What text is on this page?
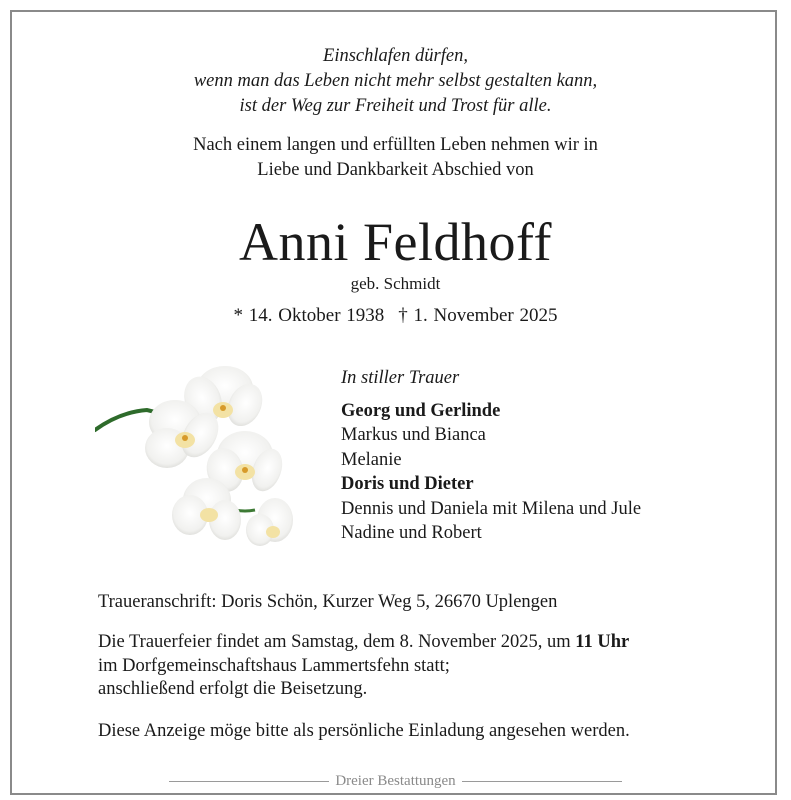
Einschlafen dürfen,
wenn man das Leben nicht mehr selbst gestalten kann,
ist der Weg zur Freiheit und Trost für alle.
Nach einem langen und erfüllten Leben nehmen wir in
Liebe und Dankbarkeit Abschied von
Anni Feldhoff
geb. Schmidt
* 14. Oktober 1938 † 1. November 2025
In stiller Trauer
Georg und Gerlinde
Markus und Bianca
Melanie
Doris und Dieter
Dennis und Daniela mit Milena und Jule
Nadine und Robert
Traueranschrift: Doris Schön, Kurzer Weg 5, 26670 Uplengen
Die Trauerfeier findet am Samstag, dem 8. November 2025, um 11 Uhr
im Dorfgemeinschaftshaus Lammertsfehn statt;
anschließend erfolgt die Beisetzung.
Diese Anzeige möge bitte als persönliche Einladung angesehen werden.
Dreier Bestattungen
